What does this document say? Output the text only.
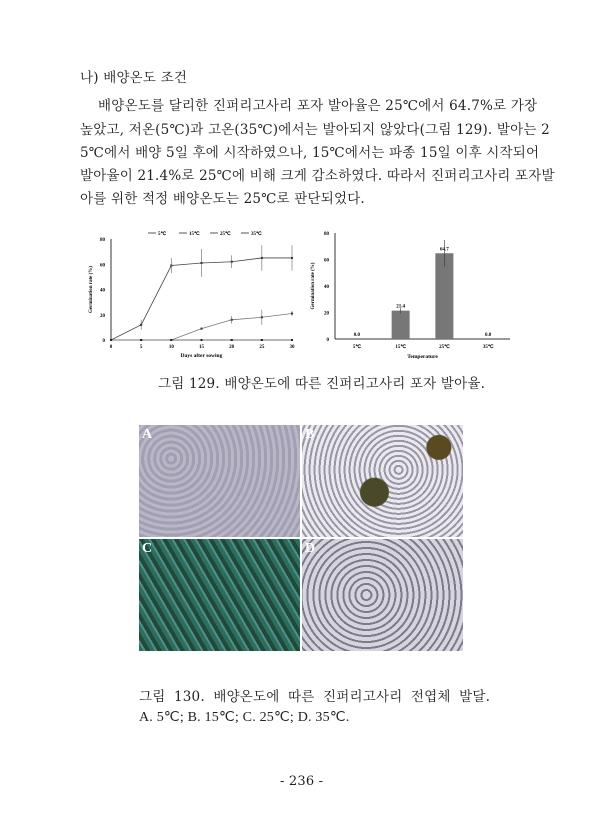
나) 배양온도 조건
배양온도를 달리한 진퍼리고사리 포자 발아율은 25℃에서 64.7%로 가장
높았고, 저온(5℃)과 고온(35℃)에서는 발아되지 않았다(그림 129). 발아는 2
5℃에서 배양 5일 후에 시작하였으나, 15℃에서는 파종 15일 이후 시작되어
발아율이 21.4%로 25℃에 비해 크게 감소하였다. 따라서 진퍼리고사리 포자발
아를 위한 적정 배양온도는 25℃로 판단되었다.
0
20
40
60
80
0	5	10	15	20	25	30
Days after sowing
Germination rate (%)
5℃	15℃	25℃	35℃
0
20
40
60
80
5℃
0.0
15℃
21.4
25℃
64.7
35℃
0.0
Temperature
Germination rate (%)
그림 129. 배양온도에 따른 진퍼리고사리 포자 발아율.
A	B
C	D
그림 130. 배양온도에 따른 진퍼리고사리 전엽체 발달.
A. 5℃; B. 15℃; C. 25℃; D. 35℃.
- 236 -
